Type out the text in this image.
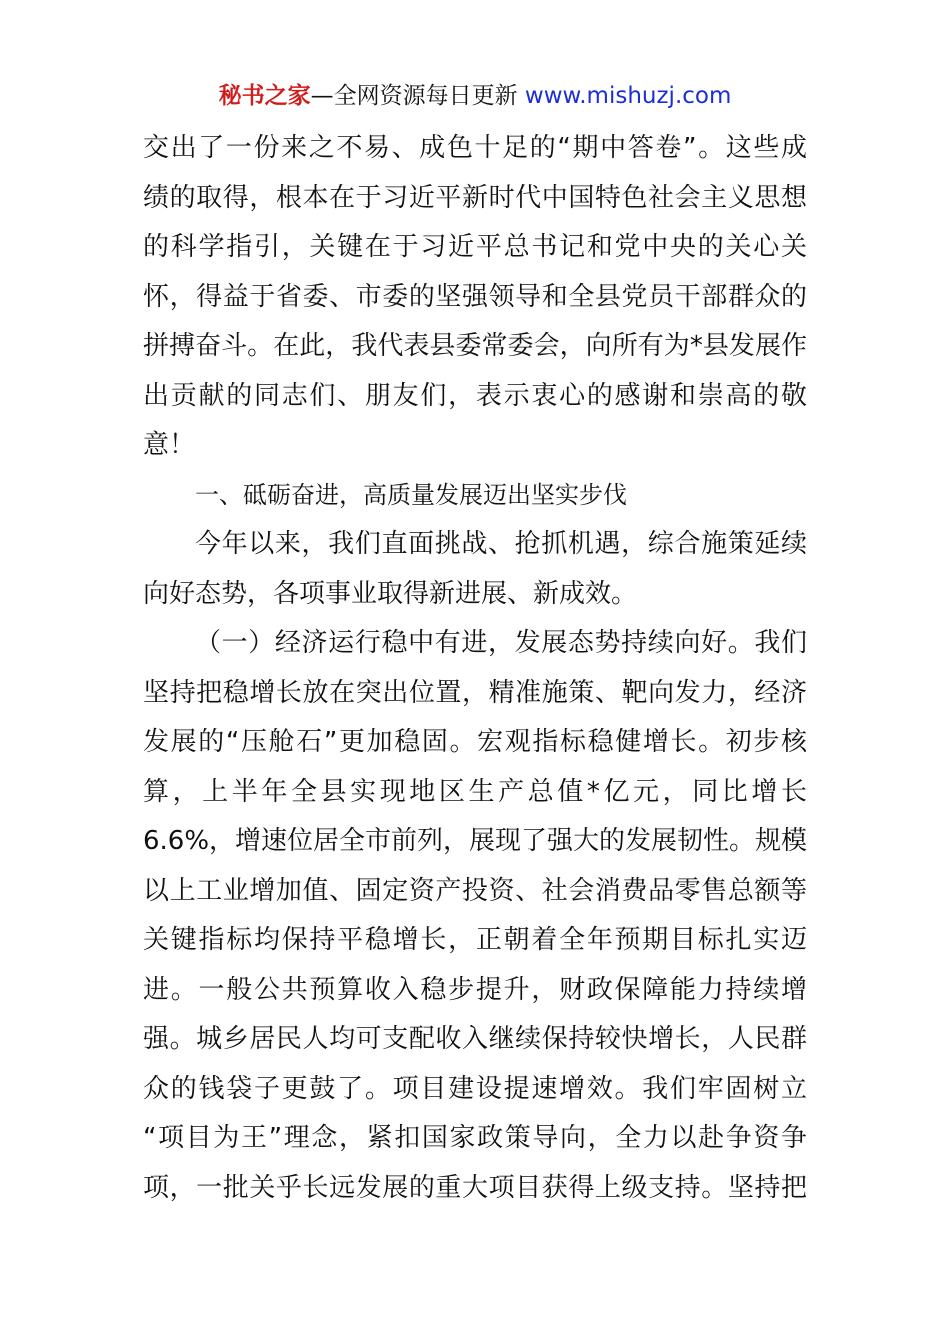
秘书之家—全网资源每日更新 www.mishuzj.com
交出了一份来之不易、成色十足的“期中答卷”。这些成
绩的取得，根本在于习近平新时代中国特色社会主义思想
的科学指引，关键在于习近平总书记和党中央的关心关
怀，得益于省委、市委的坚强领导和全县党员干部群众的
拼搏奋斗。在此，我代表县委常委会，向所有为*县发展作
出贡献的同志们、朋友们，表示衷心的感谢和崇高的敬
意！
一、砥砺奋进，高质量发展迈出坚实步伐
今年以来，我们直面挑战、抢抓机遇，综合施策延续
向好态势，各项事业取得新进展、新成效。
（一）经济运行稳中有进，发展态势持续向好。我们
坚持把稳增长放在突出位置，精准施策、靶向发力，经济
发展的“压舱石”更加稳固。宏观指标稳健增长。初步核
算，上半年全县实现地区生产总值*亿元，同比增长
6.6%，增速位居全市前列，展现了强大的发展韧性。规模
以上工业增加值、固定资产投资、社会消费品零售总额等
关键指标均保持平稳增长，正朝着全年预期目标扎实迈
进。一般公共预算收入稳步提升，财政保障能力持续增
强。城乡居民人均可支配收入继续保持较快增长，人民群
众的钱袋子更鼓了。项目建设提速增效。我们牢固树立
“项目为王”理念，紧扣国家政策导向，全力以赴争资争
项，一批关乎长远发展的重大项目获得上级支持。坚持把
